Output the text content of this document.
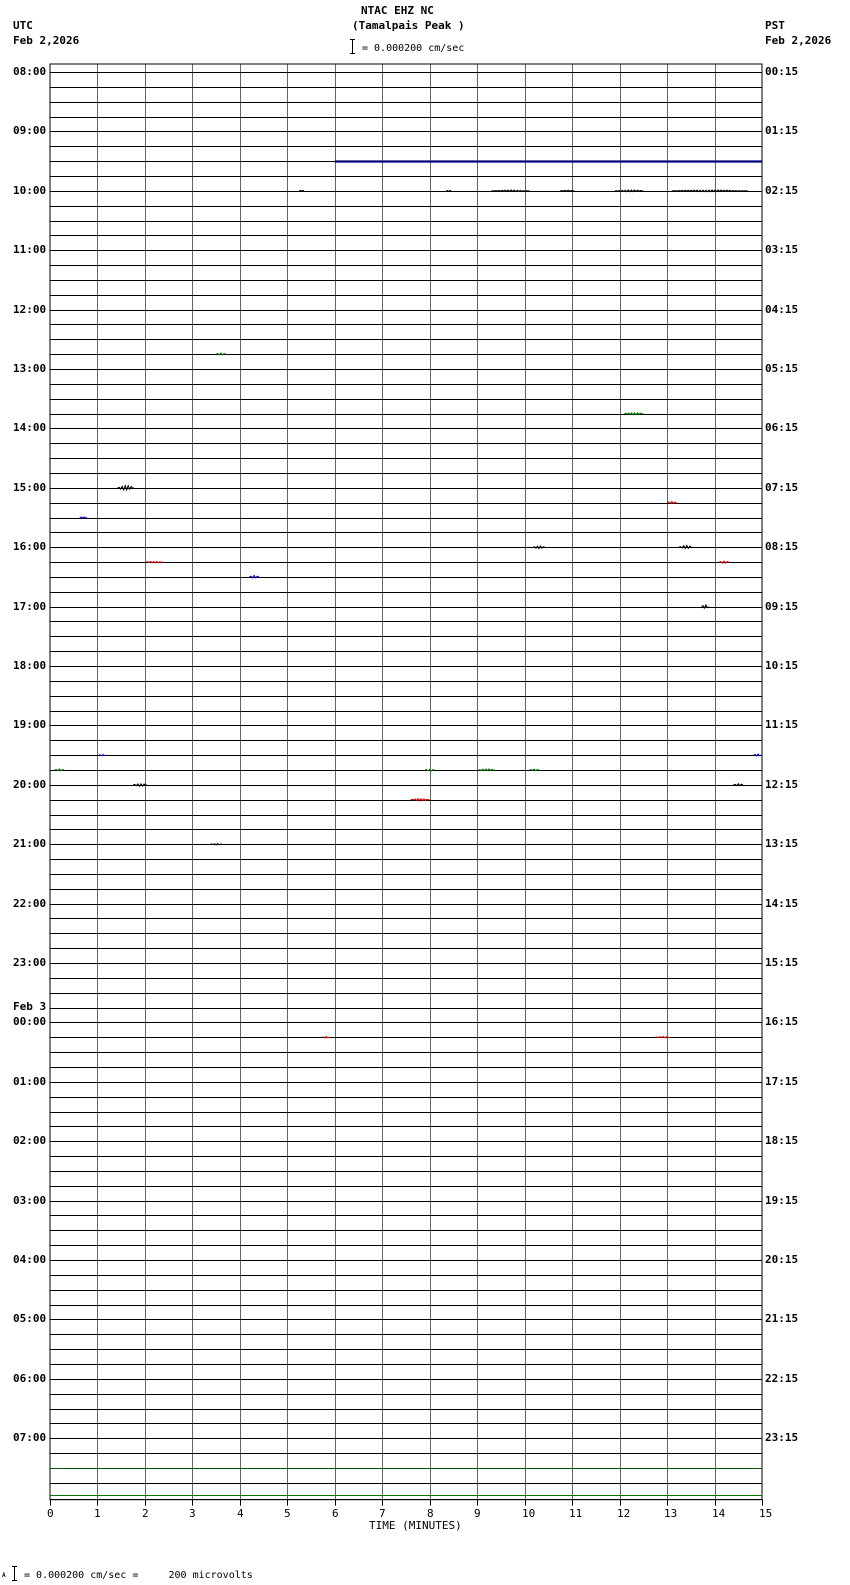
NTAC EHZ NC
(Tamalpais Peak )
UTC
Feb 2,2026
PST
Feb 2,2026
= 0.000200 cm/sec
A = 0.000200 cm/sec =     200 microvolts
0	1	2	3	4	5	6	7	8	9	10	11	12	13	14	15
TIME (MINUTES)
08:00
09:00
10:00
11:00
12:00
13:00
14:00
15:00
16:00
17:00
18:00
19:00
20:00
21:00
22:00
23:00
00:00
01:00
02:00
03:00
04:00
05:00
06:00
07:00
00:15
01:15
02:15
03:15
04:15
05:15
06:15
07:15
08:15
09:15
10:15
11:15
12:15
13:15
14:15
15:15
16:15
17:15
18:15
19:15
20:15
21:15
22:15
23:15
Feb 3
